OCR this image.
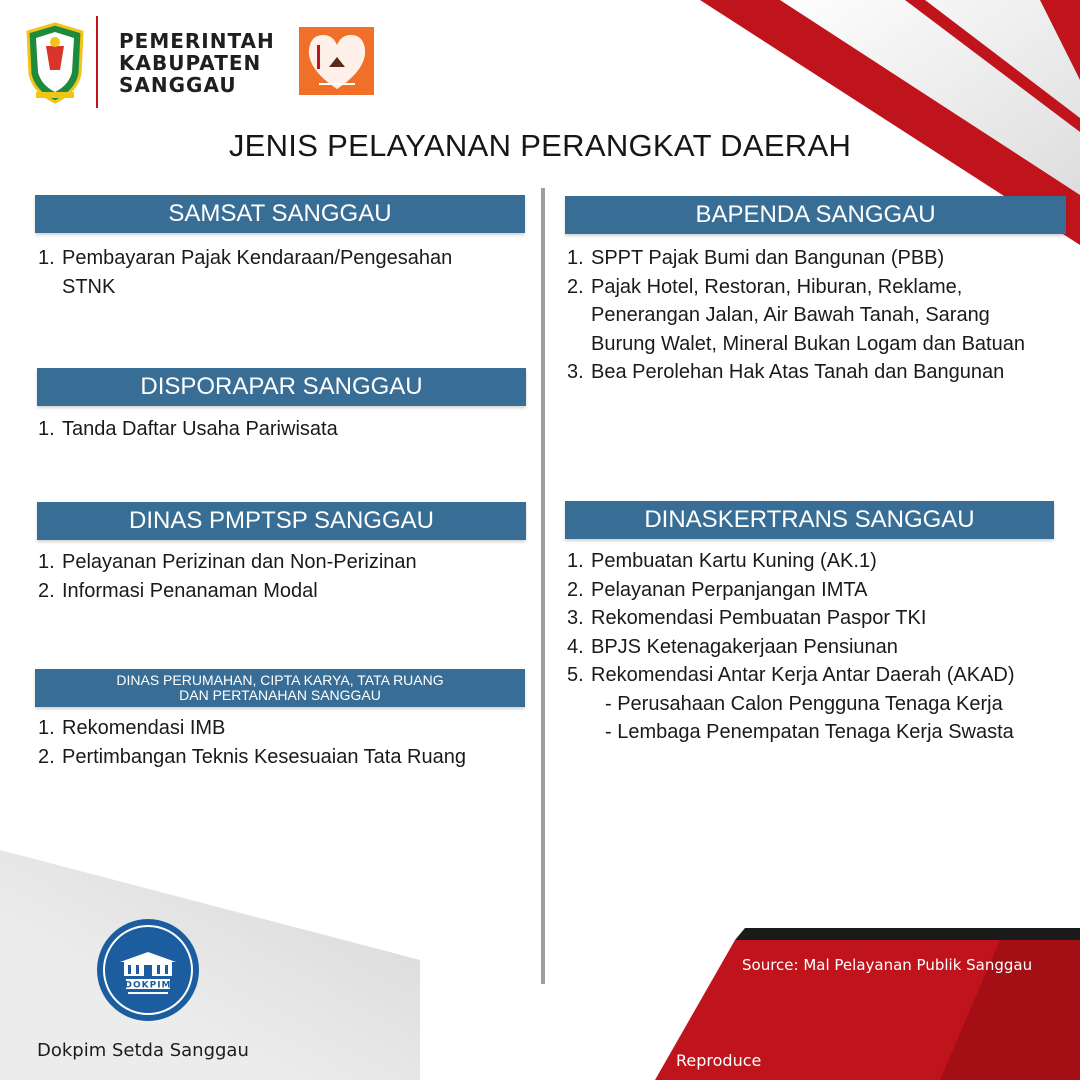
PEMERINTAH
KABUPATEN
SANGGAU
JENIS PELAYANAN PERANGKAT DAERAH
SAMSAT SANGGAU
1. Pembayaran Pajak Kendaraan/Pengesahan
STNK
DISPORAPAR SANGGAU
1. Tanda Daftar Usaha Pariwisata
DINAS PMPTSP SANGGAU
1. Pelayanan Perizinan dan Non-Perizinan
2. Informasi Penanaman Modal
DINAS PERUMAHAN, CIPTA KARYA, TATA RUANG
DAN PERTANAHAN SANGGAU
1. Rekomendasi IMB
2. Pertimbangan Teknis Kesesuaian Tata Ruang
BAPENDA SANGGAU
1. SPPT Pajak Bumi dan Bangunan (PBB)
2. Pajak Hotel, Restoran, Hiburan, Reklame,
Penerangan Jalan, Air Bawah Tanah, Sarang
Burung Walet, Mineral Bukan Logam dan Batuan
3. Bea Perolehan Hak Atas Tanah dan Bangunan
DINASKERTRANS SANGGAU
1. Pembuatan Kartu Kuning (AK.1)
2. Pelayanan Perpanjangan IMTA
3. Rekomendasi Pembuatan Paspor TKI
4. BPJS Ketenagakerjaan Pensiunan
5. Rekomendasi Antar Kerja Antar Daerah (AKAD)
- Perusahaan Calon Pengguna Tenaga Kerja
- Lembaga Penempatan Tenaga Kerja Swasta
DOKPIM
Dokpim Setda Sanggau
Source: Mal Pelayanan Publik Sanggau
Reproduce
